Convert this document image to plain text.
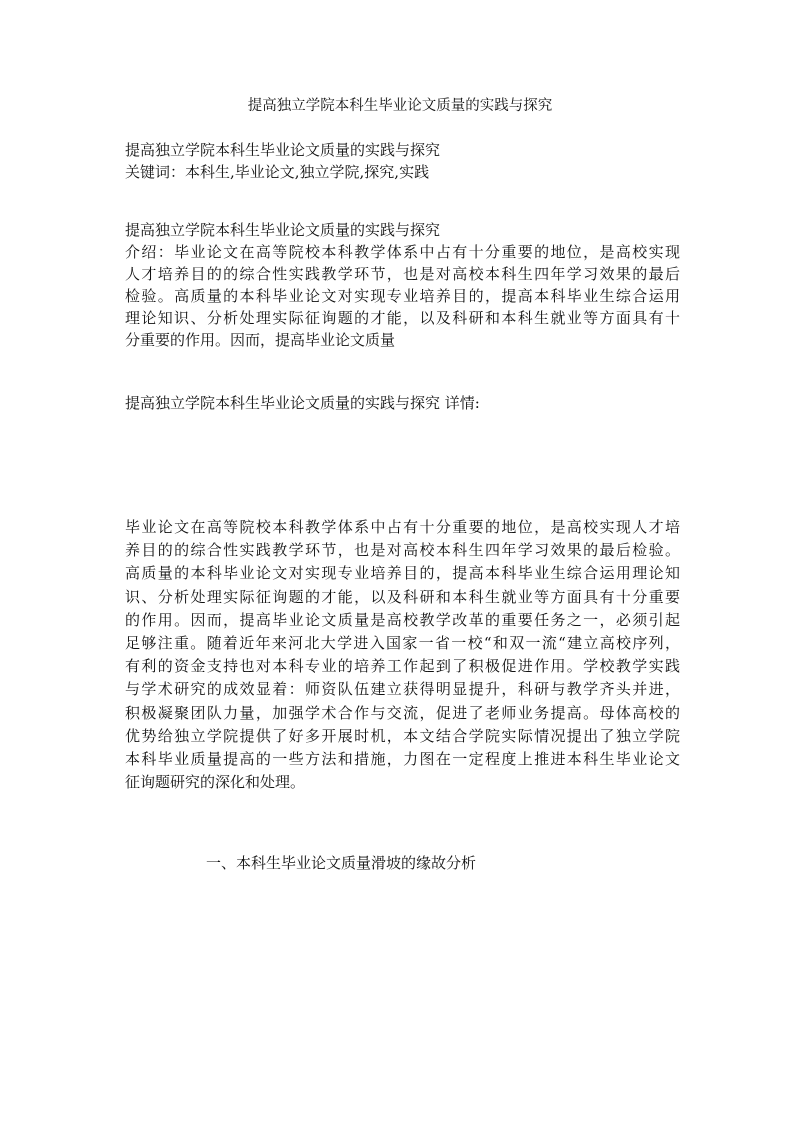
提高独立学院本科生毕业论文质量的实践与探究
提高独立学院本科生毕业论文质量的实践与探究
关键词：本科生,毕业论文,独立学院,探究,实践
提高独立学院本科生毕业论文质量的实践与探究
介绍：毕业论文在高等院校本科教学体系中占有十分重要的地位，是高校实现
人才培养目的的综合性实践教学环节，也是对高校本科生四年学习效果的最后
检验。高质量的本科毕业论文对实现专业培养目的，提高本科毕业生综合运用
理论知识、分析处理实际征询题的才能，以及科研和本科生就业等方面具有十
分重要的作用。因而，提高毕业论文质量
提高独立学院本科生毕业论文质量的实践与探究 详情:
毕业论文在高等院校本科教学体系中占有十分重要的地位，是高校实现人才培
养目的的综合性实践教学环节，也是对高校本科生四年学习效果的最后检验。
高质量的本科毕业论文对实现专业培养目的，提高本科毕业生综合运用理论知
识、分析处理实际征询题的才能，以及科研和本科生就业等方面具有十分重要
的作用。因而，提高毕业论文质量是高校教学改革的重要任务之一，必须引起
足够注重。随着近年来河北大学进入国家一省一校“和双一流“建立高校序列，
有利的资金支持也对本科专业的培养工作起到了积极促进作用。学校教学实践
与学术研究的成效显着：师资队伍建立获得明显提升，科研与教学齐头并进，
积极凝聚团队力量，加强学术合作与交流，促进了老师业务提高。母体高校的
优势给独立学院提供了好多开展时机，本文结合学院实际情况提出了独立学院
本科毕业质量提高的一些方法和措施，力图在一定程度上推进本科生毕业论文
征询题研究的深化和处理。
一、本科生毕业论文质量滑坡的缘故分析
